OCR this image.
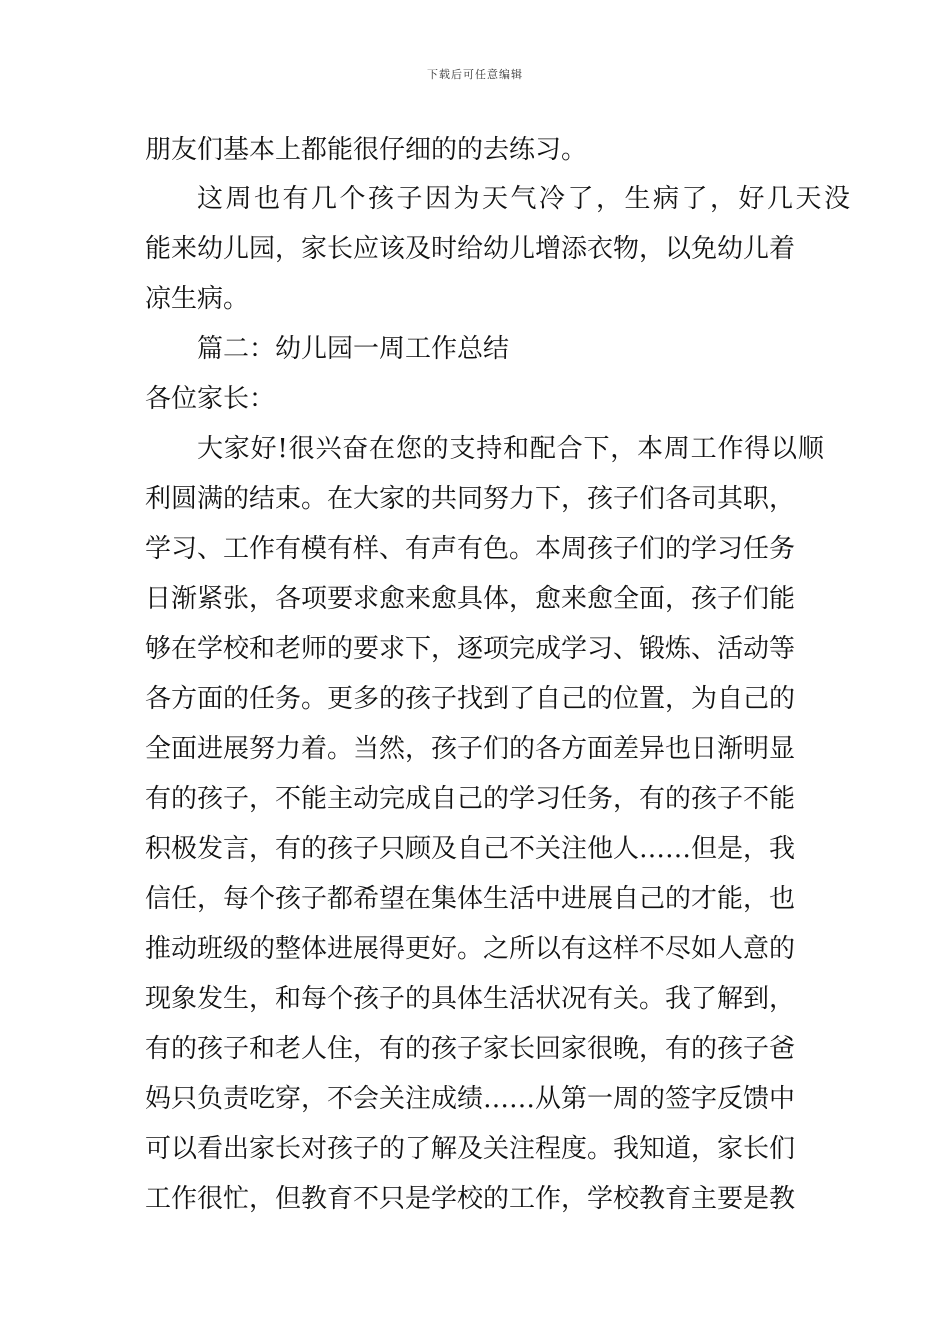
下载后可任意编辑
朋友们基本上都能很仔细的的去练习。
这周也有几个孩子因为天气冷了，生病了，好几天没
能来幼儿园，家长应该及时给幼儿增添衣物，以免幼儿着
凉生病。
篇二：幼儿园一周工作总结
各位家长：
大家好!很兴奋在您的支持和配合下，本周工作得以顺
利圆满的结束。在大家的共同努力下，孩子们各司其职，
学习、工作有模有样、有声有色。本周孩子们的学习任务
日渐紧张，各项要求愈来愈具体，愈来愈全面，孩子们能
够在学校和老师的要求下，逐项完成学习、锻炼、活动等
各方面的任务。更多的孩子找到了自己的位置，为自己的
全面进展努力着。当然，孩子们的各方面差异也日渐明显
有的孩子，不能主动完成自己的学习任务，有的孩子不能
积极发言，有的孩子只顾及自己不关注他人……但是，我
信任，每个孩子都希望在集体生活中进展自己的才能，也
推动班级的整体进展得更好。之所以有这样不尽如人意的
现象发生，和每个孩子的具体生活状况有关。我了解到，
有的孩子和老人住，有的孩子家长回家很晚，有的孩子爸
妈只负责吃穿，不会关注成绩……从第一周的签字反馈中
可以看出家长对孩子的了解及关注程度。我知道，家长们
工作很忙，但教育不只是学校的工作，学校教育主要是教
